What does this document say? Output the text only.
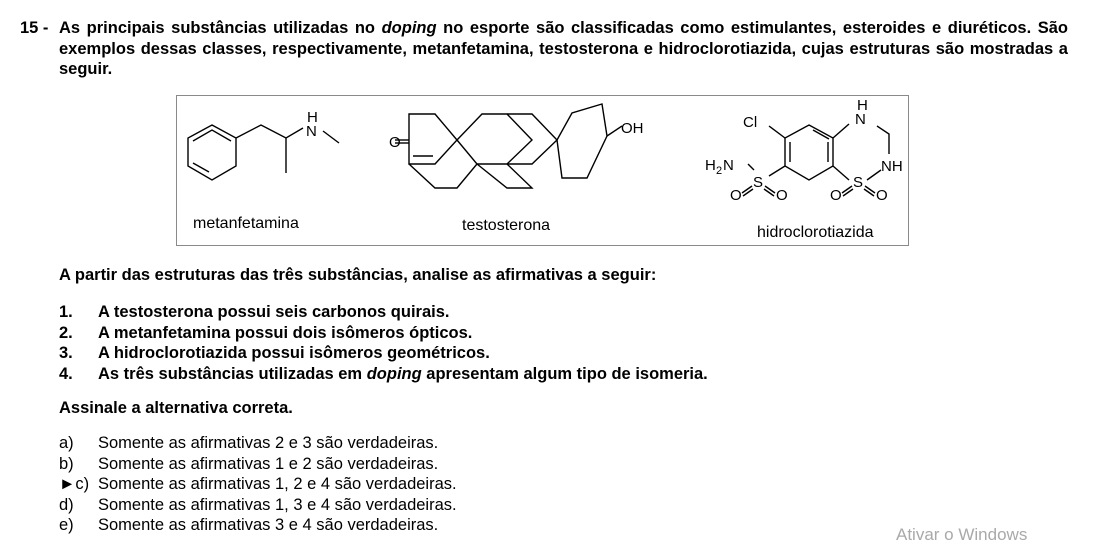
15 - As principais substâncias utilizadas no doping no esporte são classificadas como estimulantes, esteroides e diuréticos. São exemplos dessas classes, respectivamente, metanfetamina, testosterona e hidroclorotiazida, cujas estruturas são mostradas a seguir.
H
N
O
OH	Cl
H
N
NH
H 2 N
S
O O
S
O O
metanfetamina	testosterona	hidroclorotiazida
A partir das estruturas das três substâncias, analise as afirmativas a seguir:
1. A testosterona possui seis carbonos quirais.
2. A metanfetamina possui dois isômeros ópticos.
3. A hidroclorotiazida possui isômeros geométricos.
4. As três substâncias utilizadas em doping apresentam algum tipo de isomeria.
Assinale a alternativa correta.
a) Somente as afirmativas 2 e 3 são verdadeiras.
b) Somente as afirmativas 1 e 2 são verdadeiras.
►c) Somente as afirmativas 1, 2 e 4 são verdadeiras.
d) Somente as afirmativas 1, 3 e 4 são verdadeiras.
e) Somente as afirmativas 3 e 4 são verdadeiras.	Ativar o Windows
